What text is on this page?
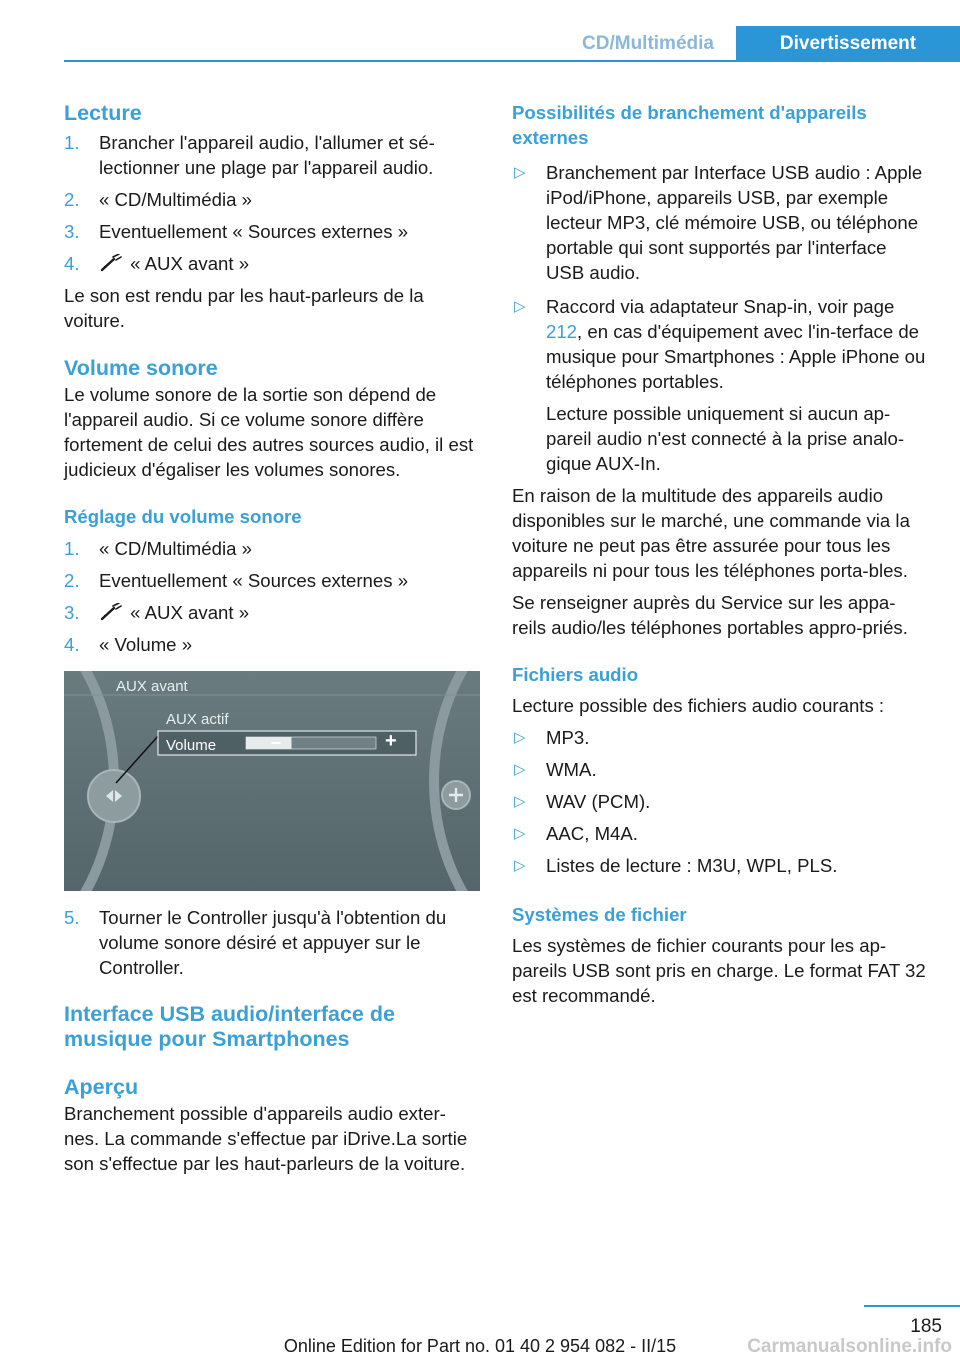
CD/Multimédia	Divertissement
Lecture
1. Brancher l'appareil audio, l'allumer et sé-lectionner une plage par l'appareil audio.
2. « CD/Multimédia »
3. Eventuellement « Sources externes »
4.	« AUX avant »
Le son est rendu par les haut-parleurs de la voiture.
Volume sonore
Le volume sonore de la sortie son dépend de l'appareil audio. Si ce volume sonore diffère fortement de celui des autres sources audio, il est judicieux d'égaliser les volumes sonores.
Réglage du volume sonore
1. « CD/Multimédia »
2. Eventuellement « Sources externes »
3.	« AUX avant »
4. « Volume »
AUX avant
AUX actif
Volume	–	+
5. Tourner le Controller jusqu'à l'obtention du volume sonore désiré et appuyer sur le Controller.
Interface USB audio/interface de musique pour Smartphones
Aperçu
Branchement possible d'appareils audio exter-nes. La commande s'effectue par iDrive.La sortie son s'effectue par les haut-parleurs de la voiture.
Possibilités de branchement d'appareils externes
▷ Branchement par Interface USB audio : Apple iPod/iPhone, appareils USB, par exemple lecteur MP3, clé mémoire USB, ou téléphone portable qui sont supportés par l'interface USB audio.
▷ Raccord via adaptateur Snap-in, voir page 212, en cas d'équipement avec l'in-terface de musique pour Smartphones : Apple iPhone ou téléphones portables.
Lecture possible uniquement si aucun ap-pareil audio n'est connecté à la prise analo-gique AUX-In.
En raison de la multitude des appareils audio disponibles sur le marché, une commande via la voiture ne peut pas être assurée pour tous les appareils ni pour tous les téléphones porta-bles.
Se renseigner auprès du Service sur les appa-reils audio/les téléphones portables appro-priés.
Fichiers audio
Lecture possible des fichiers audio courants :
▷ MP3.
▷ WMA.
▷ WAV (PCM).
▷ AAC, M4A.
▷ Listes de lecture : M3U, WPL, PLS.
Systèmes de fichier
Les systèmes de fichier courants pour les ap-pareils USB sont pris en charge. Le format FAT 32 est recommandé.
185
Online Edition for Part no. 01 40 2 954 082 - II/15	Carmanualsonline.info
